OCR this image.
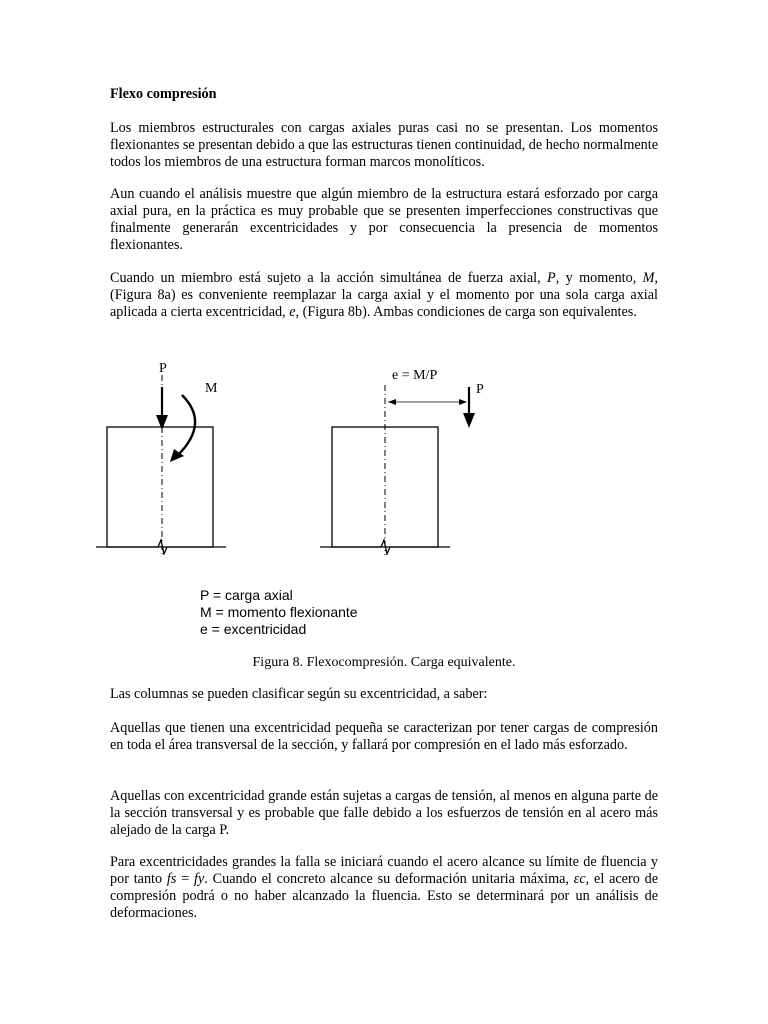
Flexo compresión

Los miembros estructurales con cargas axiales puras casi no se presentan. Los momentos flexionantes se presentan debido a que las estructuras tienen continuidad, de hecho normalmente todos los miembros de una estructura forman marcos monolíticos.

Aun cuando el análisis muestre que algún miembro de la estructura estará esforzado por carga axial pura, en la práctica es muy probable que se presenten imperfecciones constructivas que finalmente generarán excentricidades y por consecuencia la presencia de momentos flexionantes.

Cuando un miembro está sujeto a la acción simultánea de fuerza axial, P, y momento, M, (Figura 8a) es conveniente reemplazar la carga axial y el momento por una sola carga axial aplicada a cierta excentricidad, e, (Figura 8b). Ambas condiciones de carga son equivalentes.

P
M
e = M/P
P
P = carga axial
M = momento flexionante
e = excentricidad
Figura 8. Flexocompresión. Carga equivalente.

Las columnas se pueden clasificar según su excentricidad, a saber:

Aquellas que tienen una excentricidad pequeña se caracterizan por tener cargas de compresión en toda el área transversal de la sección, y fallará por compresión en el lado más esforzado.

Aquellas con excentricidad grande están sujetas a cargas de tensión, al menos en alguna parte de la sección transversal y es probable que falle debido a los esfuerzos de tensión en al acero más alejado de la carga P.

Para excentricidades grandes la falla se iniciará cuando el acero alcance su límite de fluencia y por tanto fs = fy. Cuando el concreto alcance su deformación unitaria máxima, εc, el acero de compresión podrá o no haber alcanzado la fluencia. Esto se determinará por un análisis de deformaciones.
